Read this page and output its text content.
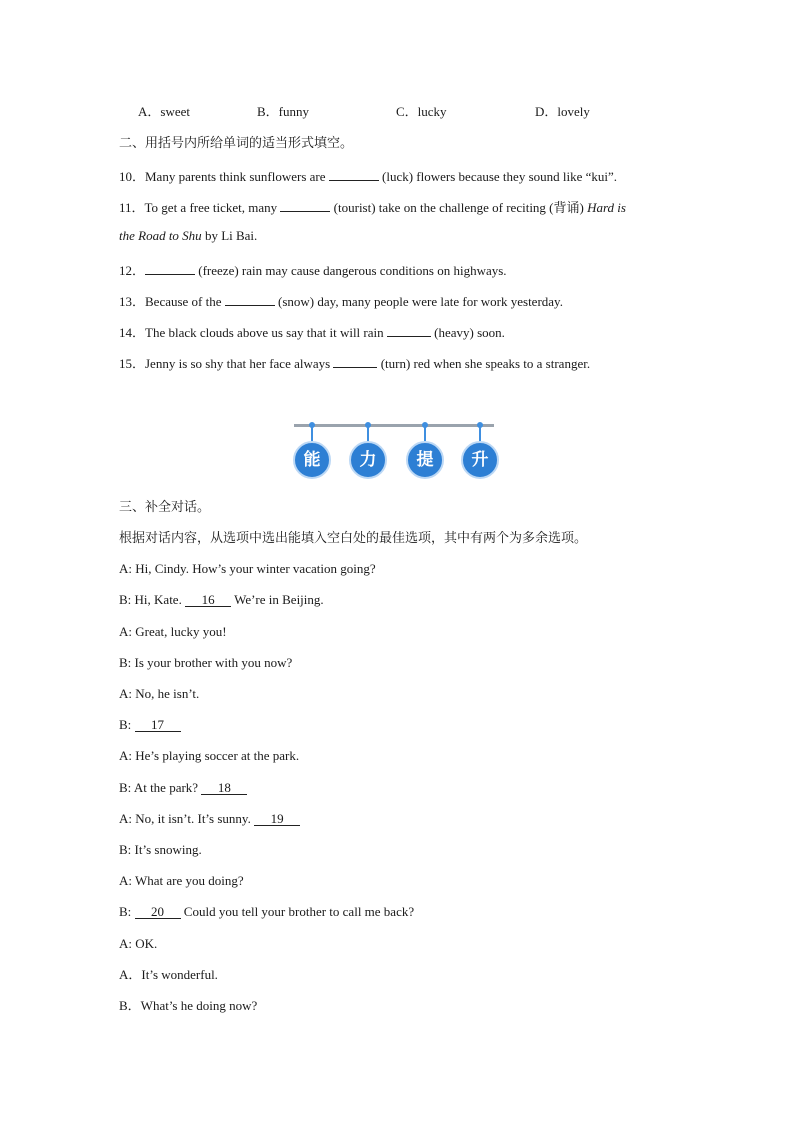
A．sweet	B．funny	C．lucky	D．lovely
二、用括号内所给单词的适当形式填空。
10．Many parents think sunflowers are	(luck) flowers because they sound like “kui”.
11．To get a free ticket, many	(tourist) take on the challenge of reciting (背诵) Hard is
the Road to Shu by Li Bai.
12．	(freeze) rain may cause dangerous conditions on highways.
13．Because of the	(snow) day, many people were late for work yesterday.
14．The black clouds above us say that it will rain	(heavy) soon.
15．Jenny is so shy that her face always	(turn) red when she speaks to a stranger.
能	力	提	升
三、补全对话。
根据对话内容，从选项中选出能填入空白处的最佳选项，其中有两个为多余选项。
A: Hi, Cindy. How’s your winter vacation going?
B: Hi, Kate. 16 We’re in Beijing.
A: Great, lucky you!
B: Is your brother with you now?
A: No, he isn’t.
B: 17
A: He’s playing soccer at the park.
B: At the park? 18
A: No, it isn’t. It’s sunny. 19
B: It’s snowing.
A: What are you doing?
B: 20 Could you tell your brother to call me back?
A: OK.
A．It’s wonderful.
B．What’s he doing now?
